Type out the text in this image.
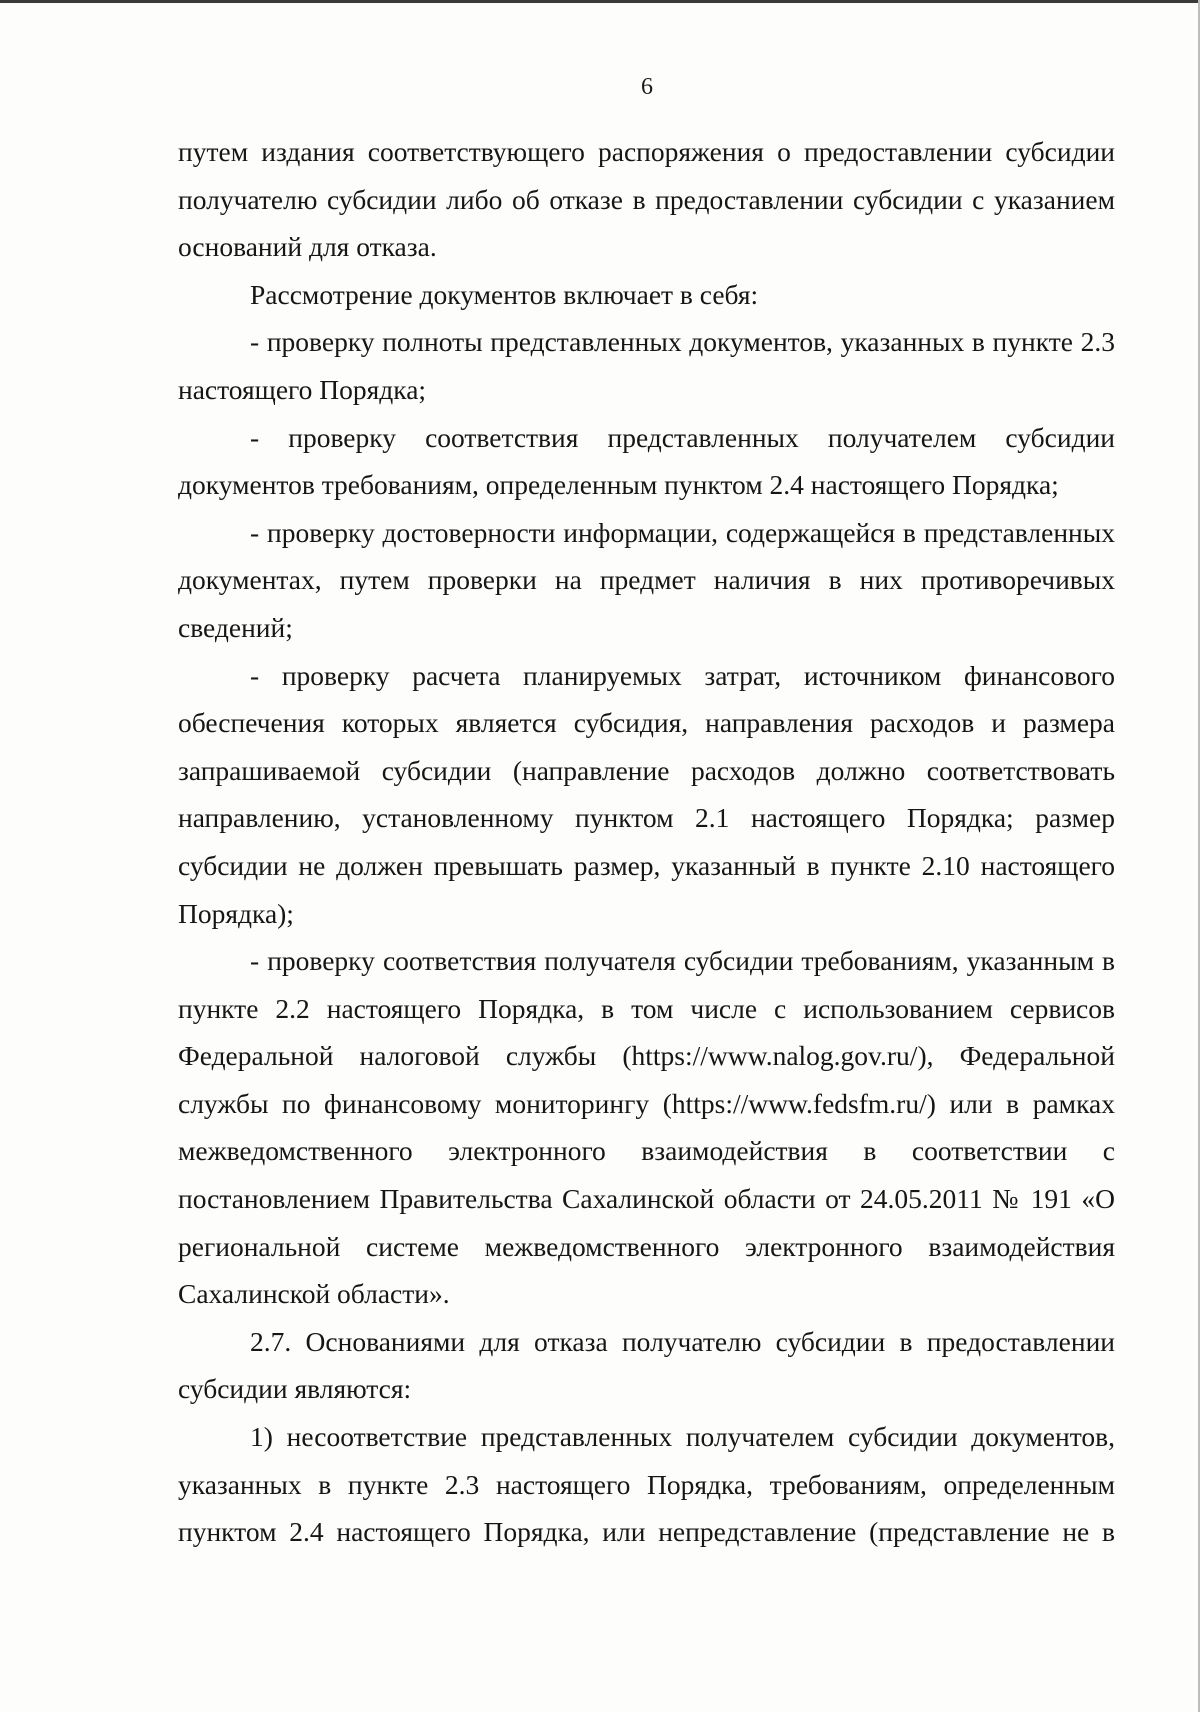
6

путем издания соответствующего распоряжения о предоставлении субсидии получателю субсидии либо об отказе в предоставлении субсидии с указанием оснований для отказа.

Рассмотрение документов включает в себя:

- проверку полноты представленных документов, указанных в пункте 2.3 настоящего Порядка;

- проверку соответствия представленных получателем субсидии документов требованиям, определенным пунктом 2.4 настоящего Порядка;

- проверку достоверности информации, содержащейся в представленных документах, путем проверки на предмет наличия в них противоречивых сведений;

- проверку расчета планируемых затрат, источником финансового обеспечения которых является субсидия, направления расходов и размера запрашиваемой субсидии (направление расходов должно соответствовать направлению, установленному пунктом 2.1 настоящего Порядка; размер субсидии не должен превышать размер, указанный в пункте 2.10 настоящего Порядка);

- проверку соответствия получателя субсидии требованиям, указанным в пункте 2.2 настоящего Порядка, в том числе с использованием сервисов Федеральной налоговой службы (https://www.nalog.gov.ru/), Федеральной службы по финансовому мониторингу (https://www.fedsfm.ru/) или в рамках межведомственного электронного взаимодействия в соответствии с постановлением Правительства Сахалинской области от 24.05.2011 № 191 «О региональной системе межведомственного электронного взаимодействия Сахалинской области».

2.7. Основаниями для отказа получателю субсидии в предоставлении субсидии являются:

1) несоответствие представленных получателем субсидии документов, указанных в пункте 2.3 настоящего Порядка, требованиям, определенным пунктом 2.4 настоящего Порядка, или непредставление (представление не в
